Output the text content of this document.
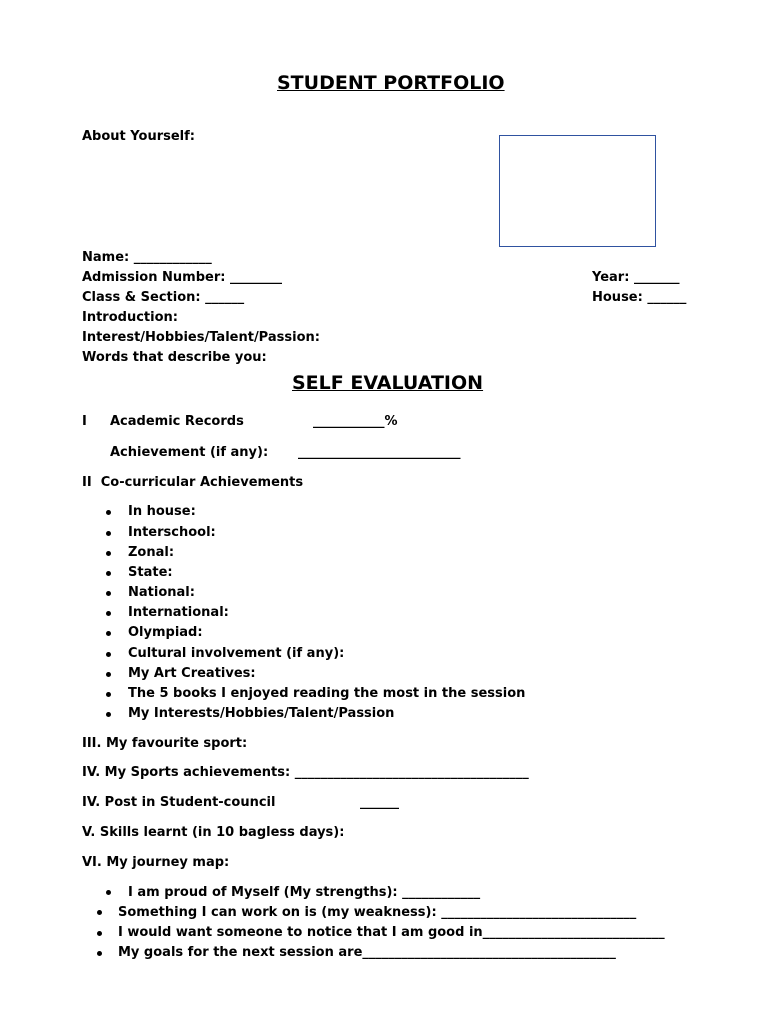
STUDENT PORTFOLIO
About Yourself:
Name: ____________
Admission Number: ________	Year: _______
Class & Section: ______	House: ______
Introduction:
Interest/Hobbies/Talent/Passion:
Words that describe you:
SELF EVALUATION
I Academic Records	___________%
Achievement (if any): _________________________
II  Co-curricular Achievements
In house:
Interschool:
Zonal:
State:
National:
International:
Olympiad:
Cultural involvement (if any):
My Art Creatives:
The 5 books I enjoyed reading the most in the session
My Interests/Hobbies/Talent/Passion
III. My favourite sport:
IV. My Sports achievements: ____________________________________
IV. Post in Student-council	______
V. Skills learnt (in 10 bagless days):
VI. My journey map:
I am proud of Myself (My strengths): ____________
Something I can work on is (my weakness): ______________________________
I would want someone to notice that I am good in____________________________
My goals for the next session are_______________________________________
